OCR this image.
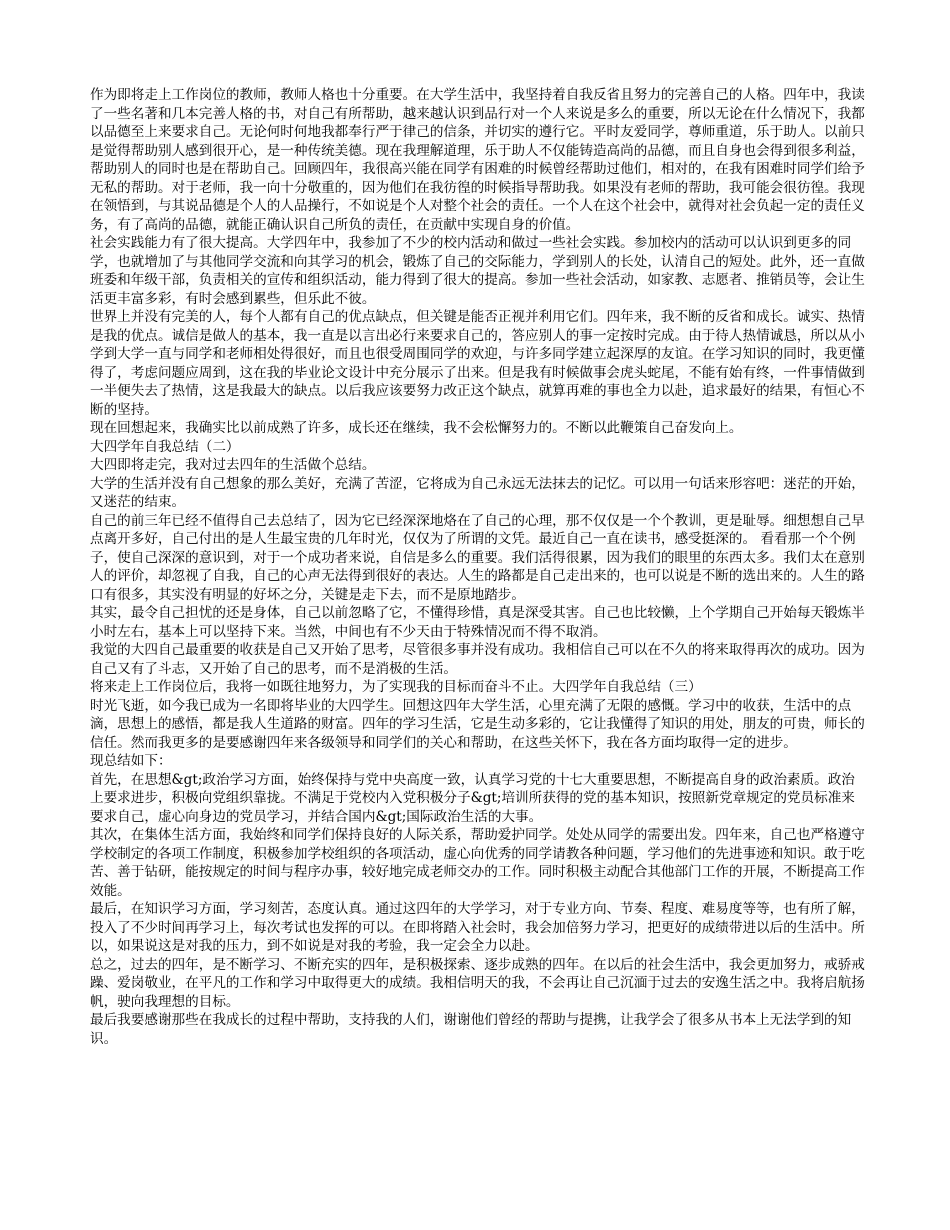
作为即将走上工作岗位的教师，教师人格也十分重要。在大学生活中，我坚持着自我反省且努力的完善自己的人格。四年中，我读了一些名著和几本完善人格的书，对自己有所帮助，越来越认识到品行对一个人来说是多么的重要，所以无论在什么情况下，我都以品德至上来要求自己。无论何时何地我都奉行严于律己的信条，并切实的遵行它。平时友爱同学，尊师重道，乐于助人。以前只是觉得帮助别人感到很开心，是一种传统美德。现在我理解道理，乐于助人不仅能铸造高尚的品德，而且自身也会得到很多利益，帮助别人的同时也是在帮助自己。回顾四年，我很高兴能在同学有困难的时候曾经帮助过他们，相对的，在我有困难时同学们给予无私的帮助。对于老师，我一向十分敬重的，因为他们在我彷徨的时候指导帮助我。如果没有老师的帮助，我可能会很彷徨。我现在领悟到，与其说品德是个人的人品操行，不如说是个人对整个社会的责任。一个人在这个社会中，就得对社会负起一定的责任义务，有了高尚的品德，就能正确认识自己所负的责任，在贡献中实现自身的价值。

社会实践能力有了很大提高。大学四年中，我参加了不少的校内活动和做过一些社会实践。参加校内的活动可以认识到更多的同学，也就增加了与其他同学交流和向其学习的机会，锻炼了自己的交际能力，学到别人的长处，认清自己的短处。此外，还一直做班委和年级干部，负责相关的宣传和组织活动，能力得到了很大的提高。参加一些社会活动，如家教、志愿者、推销员等，会让生活更丰富多彩，有时会感到累些，但乐此不彼。

世界上并没有完美的人，每个人都有自己的优点缺点，但关键是能否正视并利用它们。四年来，我不断的反省和成长。诚实、热情是我的优点。诚信是做人的基本，我一直是以言出必行来要求自己的，答应别人的事一定按时完成。由于待人热情诚恳，所以从小学到大学一直与同学和老师相处得很好，而且也很受周围同学的欢迎，与许多同学建立起深厚的友谊。在学习知识的同时，我更懂得了，考虑问题应周到，这在我的毕业论文设计中充分展示了出来。但是我有时候做事会虎头蛇尾，不能有始有终，一件事情做到一半便失去了热情，这是我最大的缺点。以后我应该要努力改正这个缺点，就算再难的事也全力以赴，追求最好的结果，有恒心不断的坚持。

现在回想起来，我确实比以前成熟了许多，成长还在继续，我不会松懈努力的。不断以此鞭策自己奋发向上。

大四学年自我总结（二）

大四即将走完，我对过去四年的生活做个总结。

大学的生活并没有自己想象的那么美好，充满了苦涩，它将成为自己永远无法抹去的记忆。可以用一句话来形容吧：迷茫的开始，又迷茫的结束。

自己的前三年已经不值得自己去总结了，因为它已经深深地烙在了自己的心理，那不仅仅是一个个教训，更是耻辱。细想想自己早点离开多好，自己付出的是人生最宝贵的几年时光，仅仅为了所谓的文凭。最近自己一直在读书，感受挺深的。 看看那一个个例子，使自己深深的意识到，对于一个成功者来说，自信是多么的重要。我们活得很累，因为我们的眼里的东西太多。我们太在意别人的评价，却忽视了自我，自己的心声无法得到很好的表达。人生的路都是自己走出来的，也可以说是不断的选出来的。人生的路口有很多，其实没有明显的好坏之分，关键是走下去，而不是原地踏步。

其实，最令自己担忧的还是身体，自己以前忽略了它，不懂得珍惜，真是深受其害。自己也比较懒，上个学期自己开始每天锻炼半小时左右，基本上可以坚持下来。当然，中间也有不少天由于特殊情况而不得不取消。

我觉的大四自己最重要的收获是自己又开始了思考，尽管很多事并没有成功。我相信自己可以在不久的将来取得再次的成功。因为自己又有了斗志，又开始了自己的思考，而不是消极的生活。

将来走上工作岗位后，我将一如既往地努力，为了实现我的目标而奋斗不止。大四学年自我总结（三）

时光飞逝，如今我已成为一名即将毕业的大四学生。回想这四年大学生活，心里充满了无限的感慨。学习中的收获，生活中的点滴，思想上的感悟，都是我人生道路的财富。四年的学习生活，它是生动多彩的，它让我懂得了知识的用处，朋友的可贵，师长的信任。然而我更多的是要感谢四年来各级领导和同学们的关心和帮助，在这些关怀下，我在各方面均取得一定的进步。

现总结如下：

首先，在思想&gt;政治学习方面，始终保持与党中央高度一致，认真学习党的十七大重要思想，不断提高自身的政治素质。政治上要求进步，积极向党组织靠拢。不满足于党校内入党积极分子&gt;培训所获得的党的基本知识，按照新党章规定的党员标准来要求自己，虚心向身边的党员学习，并结合国内&gt;国际政治生活的大事。

其次，在集体生活方面，我始终和同学们保持良好的人际关系，帮助爱护同学。处处从同学的需要出发。四年来，自己也严格遵守学校制定的各项工作制度，积极参加学校组织的各项活动，虚心向优秀的同学请教各种问题，学习他们的先进事迹和知识。敢于吃苦、善于钻研，能按规定的时间与程序办事，较好地完成老师交办的工作。同时积极主动配合其他部门工作的开展，不断提高工作效能。

最后，在知识学习方面，学习刻苦，态度认真。通过这四年的大学学习，对于专业方向、节奏、程度、难易度等等，也有所了解，投入了不少时间再学习上，每次考试也发挥的可以。在即将踏入社会时，我会加倍努力学习，把更好的成绩带进以后的生活中。所以，如果说这是对我的压力，到不如说是对我的考验，我一定会全力以赴。

总之，过去的四年，是不断学习、不断充实的四年，是积极探索、逐步成熟的四年。在以后的社会生活中，我会更加努力，戒骄戒躁、爱岗敬业，在平凡的工作和学习中取得更大的成绩。我相信明天的我，不会再让自己沉湎于过去的安逸生活之中。我将启航扬帆，驶向我理想的目标。

最后我要感谢那些在我成长的过程中帮助，支持我的人们，谢谢他们曾经的帮助与提携，让我学会了很多从书本上无法学到的知识。
